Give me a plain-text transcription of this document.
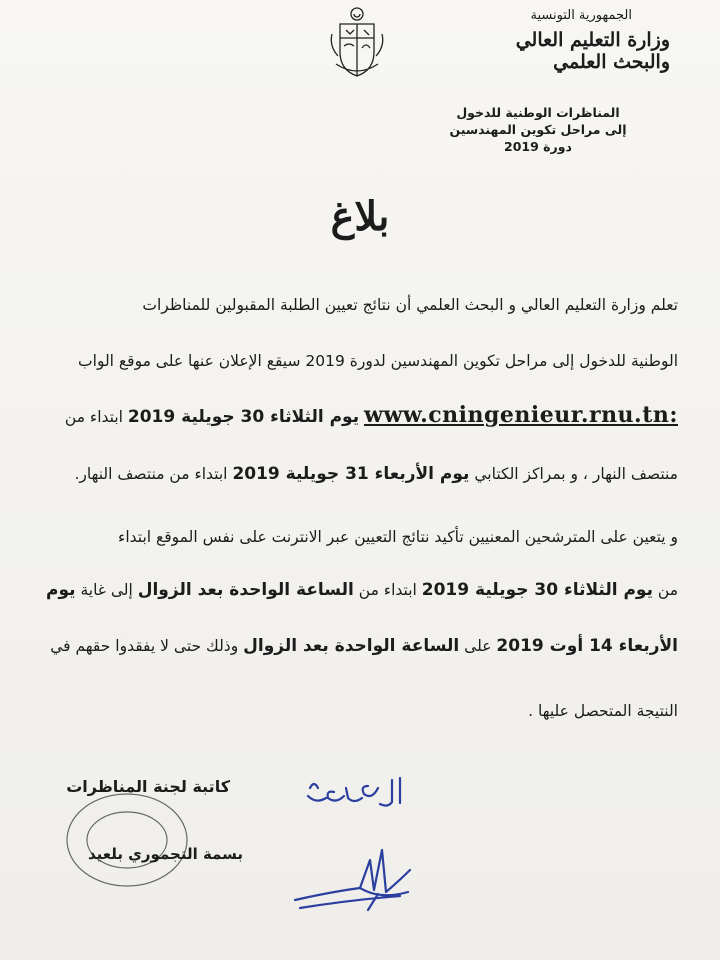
الجمهورية التونسية
وزارة التعليم العالي
والبحث العلمي
المناظرات الوطنية للدخول
إلى مراحل تكوين المهندسين
دورة 2019
بلاغ
تعلم وزارة التعليم العالي و البحث العلمي أن نتائج تعيين الطلبة المقبولين للمناظرات
الوطنية للدخول إلى مراحل تكوين المهندسين لدورة 2019 سيقع الإعلان عنها على موقع الواب
www.cningenieur.rnu.tn: يوم الثلاثاء 30 جويلية 2019 ابتداء من
منتصف النهار ، و بمراكز الكتابي يوم الأربعاء 31 جويلية 2019 ابتداء من منتصف النهار.
و يتعين على المترشحين المعنيين تأكيد نتائج التعيين عبر الانترنت على نفس الموقع ابتداء
من يوم الثلاثاء 30 جويلية 2019 ابتداء من الساعة الواحدة بعد الزوال إلى غاية يوم
الأربعاء 14 أوت 2019 على الساعة الواحدة بعد الزوال وذلك حتى لا يفقدوا حقهم في
النتيجة المتحصل عليها .
كاتبة لجنة المناظرات
بسمة التجموري بلعيد
